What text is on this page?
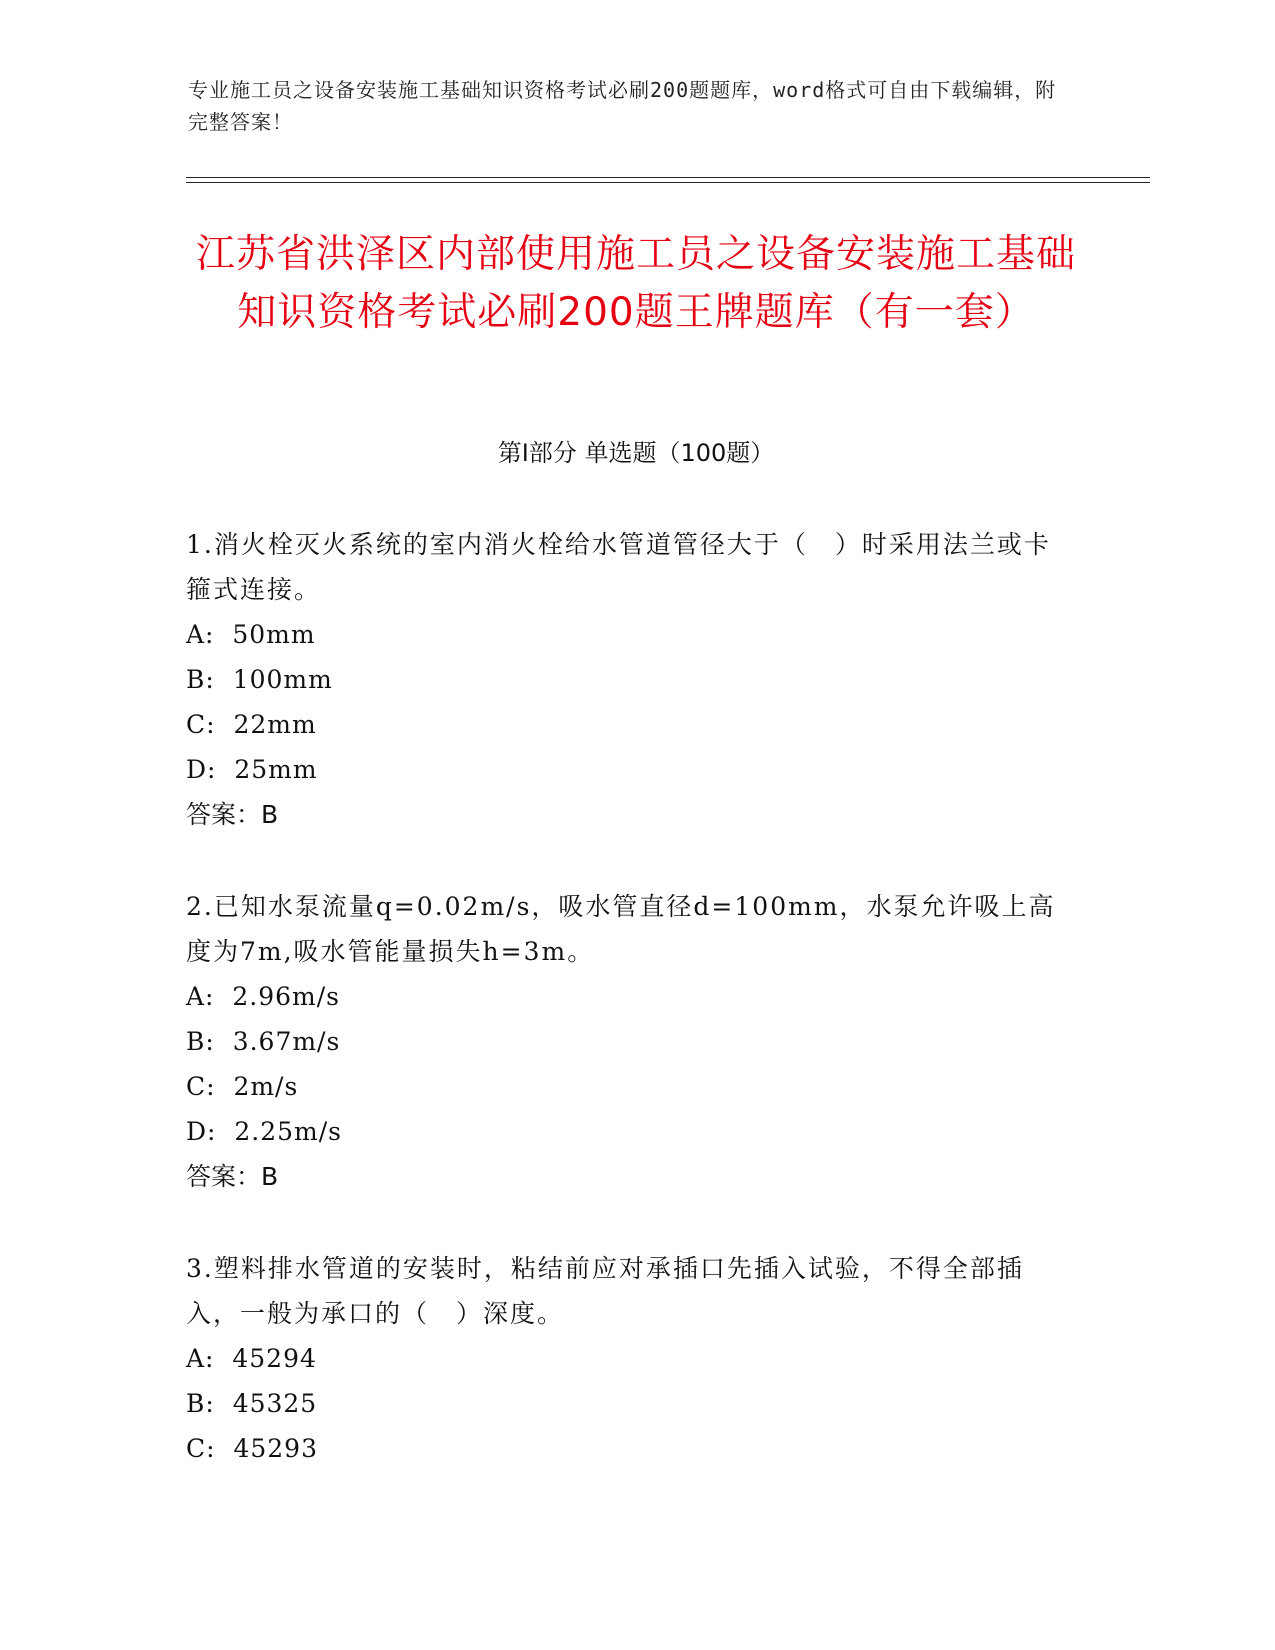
专业施工员之设备安装施工基础知识资格考试必刷200题题库，word格式可自由下载编辑，附完整答案！
江苏省洪泽区内部使用施工员之设备安装施工基础知识资格考试必刷200题王牌题库（有一套）
第I部分 单选题（100题）

1.消火栓灭火系统的室内消火栓给水管道管径大于（　）时采用法兰或卡箍式连接。

A:  50mm

B:  100mm

C:  22mm

D:  25mm

答案：B

2.已知水泵流量q=0.02m/s，吸水管直径d=100mm，水泵允许吸上高度为7m,吸水管能量损失h=3m。

A:  2.96m/s

B:  3.67m/s

C:  2m/s

D:  2.25m/s

答案：B

3.塑料排水管道的安装时，粘结前应对承插口先插入试验，不得全部插入，一般为承口的（　）深度。

A:  45294

B:  45325

C:  45293
